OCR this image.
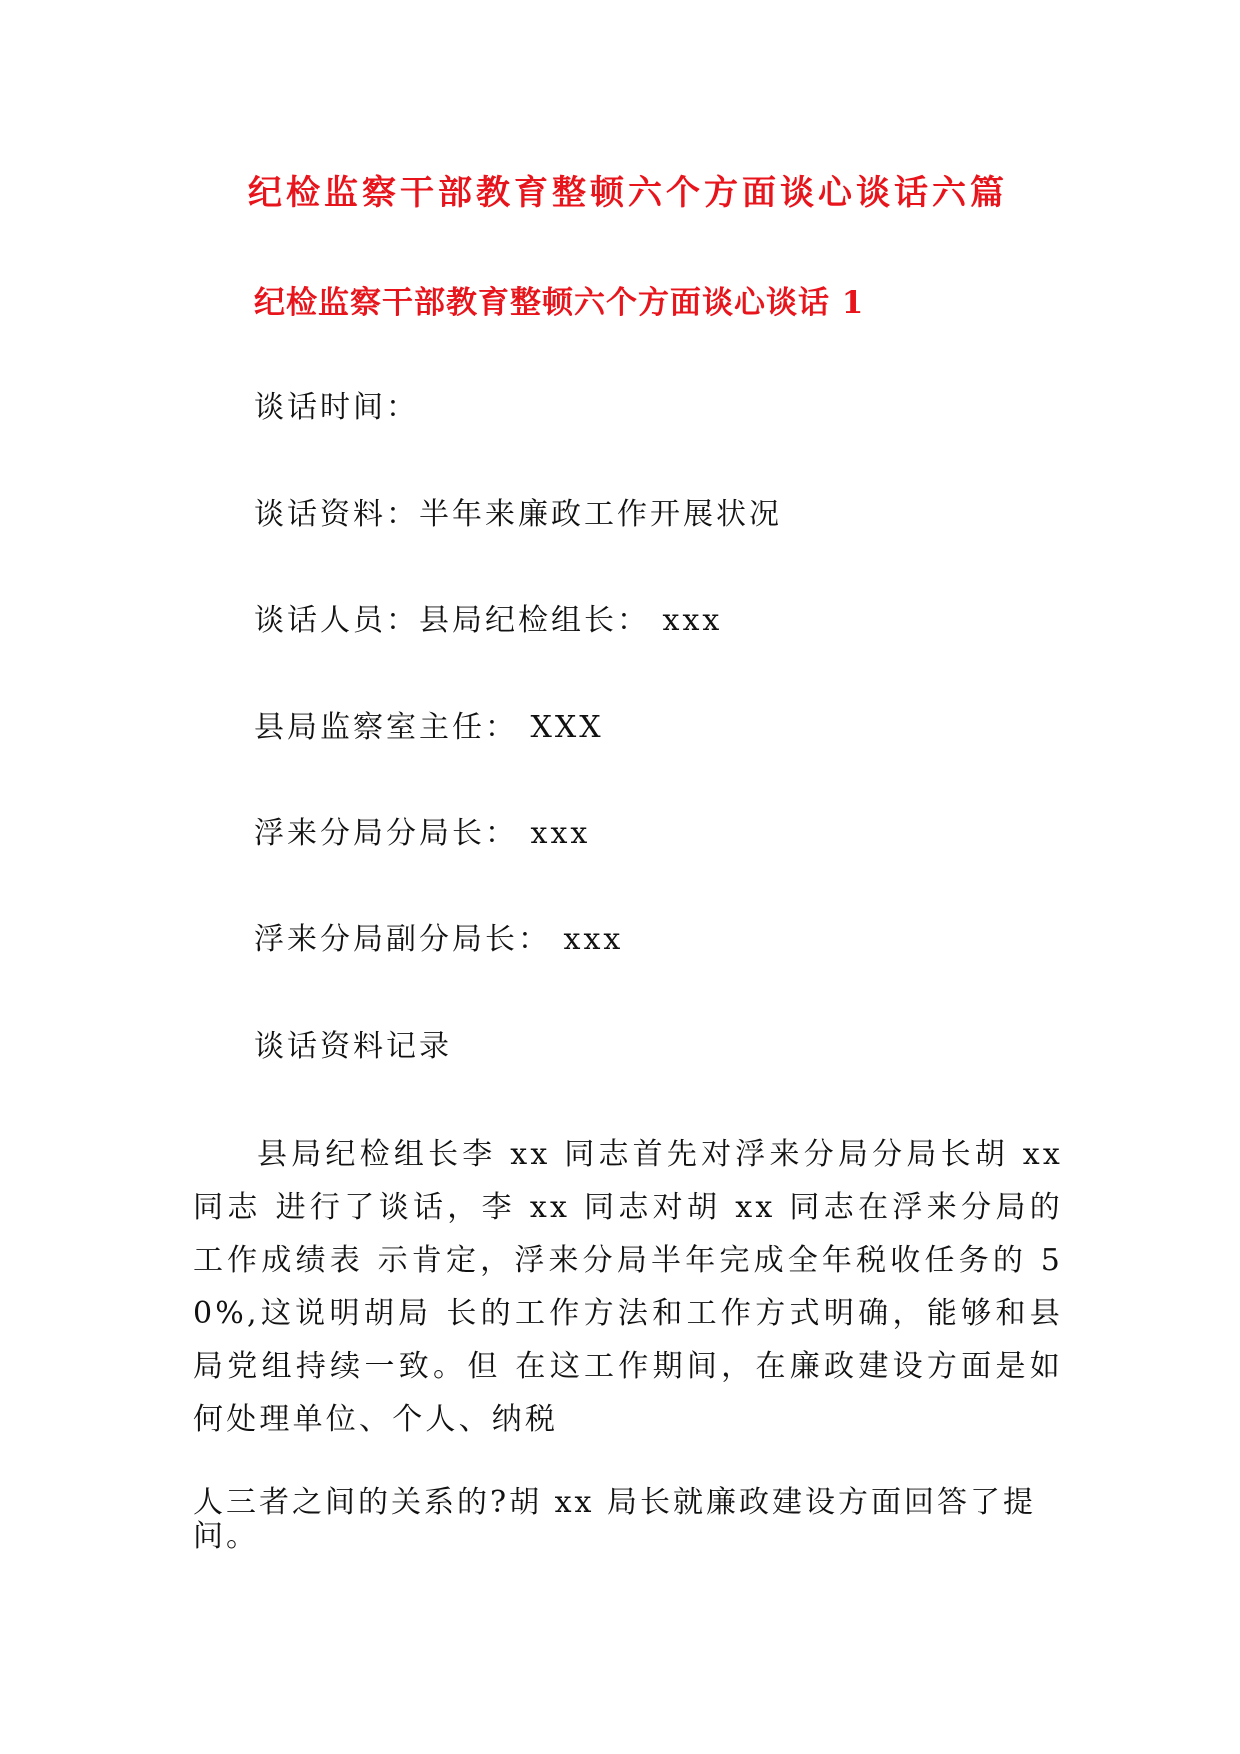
纪检监察干部教育整顿六个方面谈心谈话六篇
纪检监察干部教育整顿六个方面谈心谈话 1
谈话时间：
谈话资料：半年来廉政工作开展状况
谈话人员：县局纪检组长： xxx
县局监察室主任： XXX
浮来分局分局长： xxx
浮来分局副分局长： xxx
谈话资料记录
县局纪检组长李 xx 同志首先对浮来分局分局长胡 xx 同志 进行了谈话，李 xx 同志对胡 xx 同志在浮来分局的工作成绩表 示肯定，浮来分局半年完成全年税收任务的 50%,这说明胡局 长的工作方法和工作方式明确，能够和县局党组持续一致。但 在这工作期间，在廉政建设方面是如何处理单位、个人、纳税
人三者之间的关系的?胡 xx 局长就廉政建设方面回答了提问。
